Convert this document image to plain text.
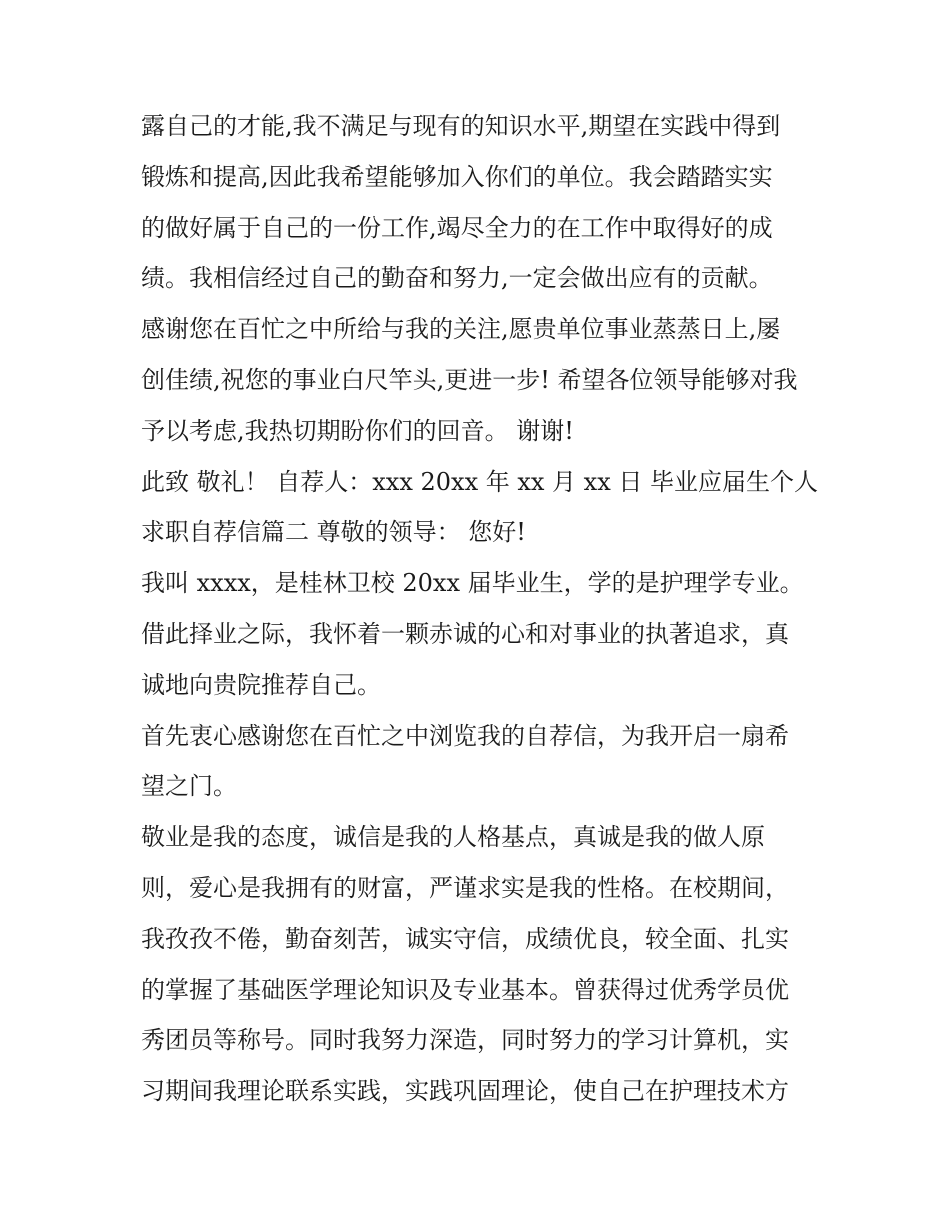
露自己的才能,我不满足与现有的知识水平,期望在实践中得到
锻炼和提高,因此我希望能够加入你们的单位。我会踏踏实实
的做好属于自己的一份工作,竭尽全力的在工作中取得好的成
绩。我相信经过自己的勤奋和努力,一定会做出应有的贡献。
感谢您在百忙之中所给与我的关注,愿贵单位事业蒸蒸日上,屡
创佳绩,祝您的事业白尺竿头,更进一步! 希望各位领导能够对我
予以考虑,我热切期盼你们的回音。 谢谢!
此致 敬礼！ 自荐人：xxx 20xx 年 xx 月 xx 日 毕业应届生个人
求职自荐信篇二 尊敬的领导： 您好!
我叫 xxxx，是桂林卫校 20xx 届毕业生，学的是护理学专业。
借此择业之际，我怀着一颗赤诚的心和对事业的执著追求，真
诚地向贵院推荐自己。
首先衷心感谢您在百忙之中浏览我的自荐信，为我开启一扇希
望之门。
敬业是我的态度，诚信是我的人格基点，真诚是我的做人原
则，爱心是我拥有的财富，严谨求实是我的性格。在校期间，
我孜孜不倦，勤奋刻苦，诚实守信，成绩优良，较全面、扎实
的掌握了基础医学理论知识及专业基本。曾获得过优秀学员优
秀团员等称号。同时我努力深造，同时努力的学习计算机，实
习期间我理论联系实践，实践巩固理论，使自己在护理技术方
